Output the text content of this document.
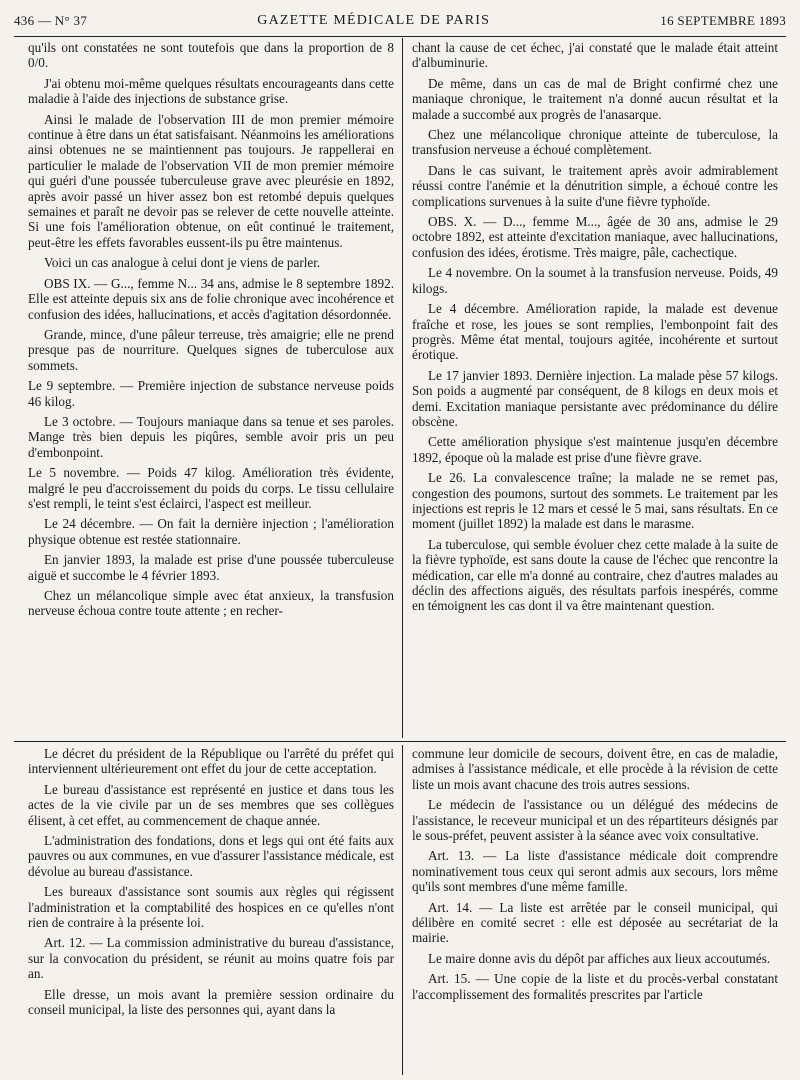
436 — N° 37	GAZETTE MÉDICALE DE PARIS	16 SEPTEMBRE 1893

qu'ils ont constatées ne sont toutefois que dans la proportion de 8 0/0.

J'ai obtenu moi-même quelques résultats encourageants dans cette maladie à l'aide des injections de substance grise.

Ainsi le malade de l'observation III de mon premier mémoire continue à être dans un état satisfaisant. Néanmoins les améliorations ainsi obtenues ne se maintiennent pas toujours. Je rappellerai en particulier le malade de l'observation VII de mon premier mémoire qui guéri d'une poussée tuberculeuse grave avec pleurésie en 1892, après avoir passé un hiver assez bon est retombé depuis quelques semaines et paraît ne devoir pas se relever de cette nouvelle atteinte. Si une fois l'amélioration obtenue, on eût continué le traitement, peut-être les effets favorables eussent-ils pu être maintenus.

Voici un cas analogue à celui dont je viens de parler.

OBS IX. — G..., femme N... 34 ans, admise le 8 septembre 1892. Elle est atteinte depuis six ans de folie chronique avec incohérence et confusion des idées, hallucinations, et accès d'agitation désordonnée.

Grande, mince, d'une pâleur terreuse, très amaigrie; elle ne prend presque pas de nourriture. Quelques signes de tuberculose aux sommets.

Le 9 septembre. — Première injection de substance nerveuse poids 46 kilog.

Le 3 octobre. — Toujours maniaque dans sa tenue et ses paroles. Mange très bien depuis les piqûres, semble avoir pris un peu d'embonpoint.

Le 5 novembre. — Poids 47 kilog. Amélioration très évidente, malgré le peu d'accroissement du poids du corps. Le tissu cellulaire s'est rempli, le teint s'est éclairci, l'aspect est meilleur.

Le 24 décembre. — On fait la dernière injection ; l'amélioration physique obtenue est restée stationnaire.

En janvier 1893, la malade est prise d'une poussée tuberculeuse aiguë et succombe le 4 février 1893.

Chez un mélancolique simple avec état anxieux, la transfusion nerveuse échoua contre toute attente ; en recher-

chant la cause de cet échec, j'ai constaté que le malade était atteint d'albuminurie.

De même, dans un cas de mal de Bright confirmé chez une maniaque chronique, le traitement n'a donné aucun résultat et la malade a succombé aux progrès de l'anasarque.

Chez une mélancolique chronique atteinte de tuberculose, la transfusion nerveuse a échoué complètement.

Dans le cas suivant, le traitement après avoir admirablement réussi contre l'anémie et la dénutrition simple, a échoué contre les complications survenues à la suite d'une fièvre typhoïde.

OBS. X. — D..., femme M..., âgée de 30 ans, admise le 29 octobre 1892, est atteinte d'excitation maniaque, avec hallucinations, confusion des idées, érotisme. Très maigre, pâle, cachectique.

Le 4 novembre. On la soumet à la transfusion nerveuse. Poids, 49 kilogs.

Le 4 décembre. Amélioration rapide, la malade est devenue fraîche et rose, les joues se sont remplies, l'embonpoint fait des progrès. Même état mental, toujours agitée, incohérente et surtout érotique.

Le 17 janvier 1893. Dernière injection. La malade pèse 57 kilogs. Son poids a augmenté par conséquent, de 8 kilogs en deux mois et demi. Excitation maniaque persistante avec prédominance du délire obscène.

Cette amélioration physique s'est maintenue jusqu'en décembre 1892, époque où la malade est prise d'une fièvre grave.

Le 26. La convalescence traîne; la malade ne se remet pas, congestion des poumons, surtout des sommets. Le traitement par les injections est repris le 12 mars et cessé le 5 mai, sans résultats. En ce moment (juillet 1892) la malade est dans le marasme.

La tuberculose, qui semble évoluer chez cette malade à la suite de la fièvre typhoïde, est sans doute la cause de l'échec que rencontre la médication, car elle m'a donné au contraire, chez d'autres malades au déclin des affections aiguës, des résultats parfois inespérés, comme en témoignent les cas dont il va être maintenant question.

Le décret du président de la République ou l'arrêté du préfet qui interviennent ultérieurement ont effet du jour de cette acceptation.

Le bureau d'assistance est représenté en justice et dans tous les actes de la vie civile par un de ses membres que ses collègues élisent, à cet effet, au commencement de chaque année.

L'administration des fondations, dons et legs qui ont été faits aux pauvres ou aux communes, en vue d'assurer l'assistance médicale, est dévolue au bureau d'assistance.

Les bureaux d'assistance sont soumis aux règles qui régissent l'administration et la comptabilité des hospices en ce qu'elles n'ont rien de contraire à la présente loi.

Art. 12. — La commission administrative du bureau d'assistance, sur la convocation du président, se réunit au moins quatre fois par an.

Elle dresse, un mois avant la première session ordinaire du conseil municipal, la liste des personnes qui, ayant dans la

commune leur domicile de secours, doivent être, en cas de maladie, admises à l'assistance médicale, et elle procède à la révision de cette liste un mois avant chacune des trois autres sessions.

Le médecin de l'assistance ou un délégué des médecins de l'assistance, le receveur municipal et un des répartiteurs désignés par le sous-préfet, peuvent assister à la séance avec voix consultative.

Art. 13. — La liste d'assistance médicale doit comprendre nominativement tous ceux qui seront admis aux secours, lors même qu'ils sont membres d'une même famille.

Art. 14. — La liste est arrêtée par le conseil municipal, qui délibère en comité secret : elle est déposée au secrétariat de la mairie.

Le maire donne avis du dépôt par affiches aux lieux accoutumés.

Art. 15. — Une copie de la liste et du procès-verbal constatant l'accomplissement des formalités prescrites par l'article
